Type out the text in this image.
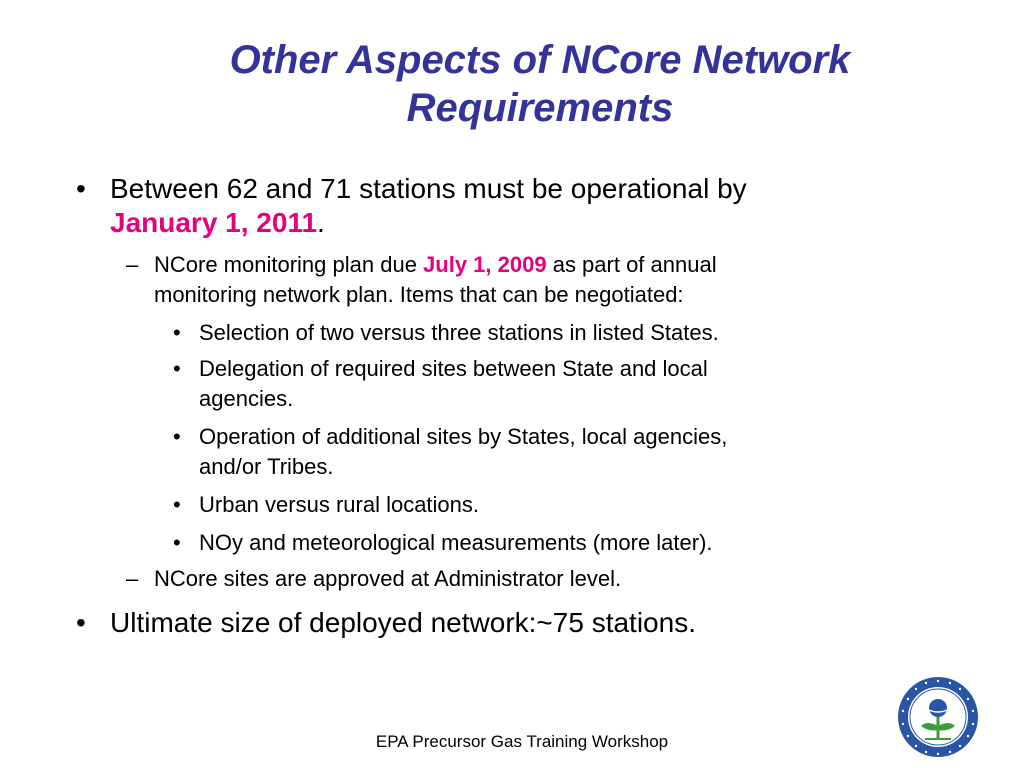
Other Aspects of NCore Network
Requirements
• Between 62 and 71 stations must be operational by
January 1, 2011.
– NCore monitoring plan due July 1, 2009 as part of annual
monitoring network plan. Items that can be negotiated:
• Selection of two versus three stations in listed States.
• Delegation of required sites between State and local
agencies.
• Operation of additional sites by States, local agencies,
and/or Tribes.
• Urban versus rural locations.
• NOy and meteorological measurements (more later).
– NCore sites are approved at Administrator level.
• Ultimate size of deployed network:~75 stations.
EPA Precursor Gas Training Workshop
